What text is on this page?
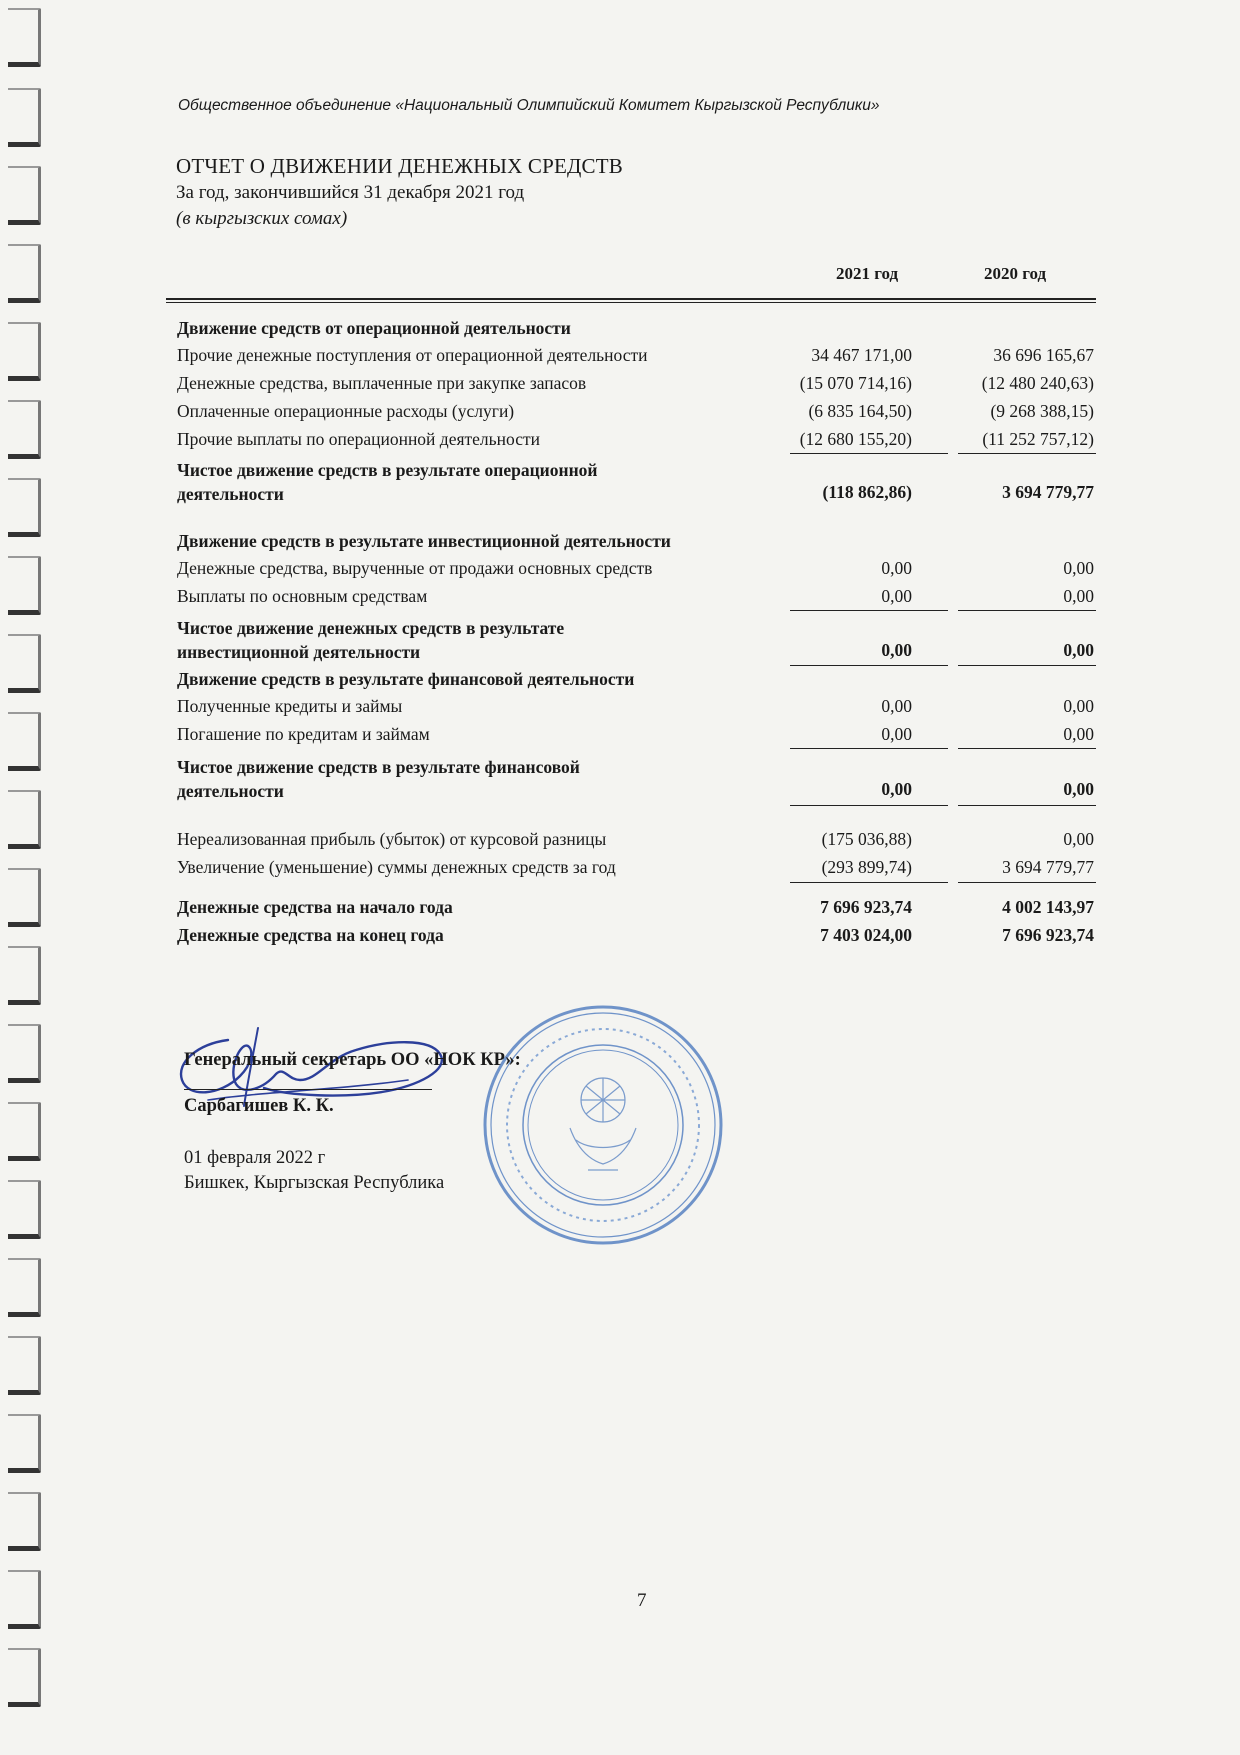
Общественное объединение «Национальный Олимпийский Комитет Кыргызской Республики»
ОТЧЕТ О ДВИЖЕНИИ ДЕНЕЖНЫХ СРЕДСТВ
За год, закончившийся 31 декабря 2021 год
(в кыргызских сомах)
2021 год	2020 год
Движение средств от операционной деятельности
Прочие денежные поступления от операционной деятельности	34 467 171,00	36 696 165,67
Денежные средства, выплаченные при закупке запасов	(15 070 714,16)	(12 480 240,63)
Оплаченные операционные расходы (услуги)	(6 835 164,50)	(9 268 388,15)
Прочие выплаты по операционной деятельности	(12 680 155,20)	(11 252 757,12)
Чистое движение средств в результате операционной
деятельности	(118 862,86)	3 694 779,77
Движение средств в результате инвестиционной деятельности
Денежные средства, вырученные от продажи основных средств	0,00	0,00
Выплаты по основным средствам	0,00	0,00
Чистое движение денежных средств в результате
инвестиционной деятельности	0,00	0,00
Движение средств в результате финансовой деятельности
Полученные кредиты и займы	0,00	0,00
Погашение по кредитам и займам	0,00	0,00
Чистое движение средств в результате финансовой
деятельности	0,00	0,00
Нереализованная прибыль (убыток) от курсовой разницы	(175 036,88)	0,00
Увеличение (уменьшение) суммы денежных средств за год	(293 899,74)	3 694 779,77
Денежные средства на начало года	7 696 923,74	4 002 143,97
Денежные средства на конец года	7 403 024,00	7 696 923,74
Генеральный секретарь ОО «НОК КР»:
Сарбагишев К. К.
01 февраля 2022 г
Бишкек, Кыргызская Республика
7
